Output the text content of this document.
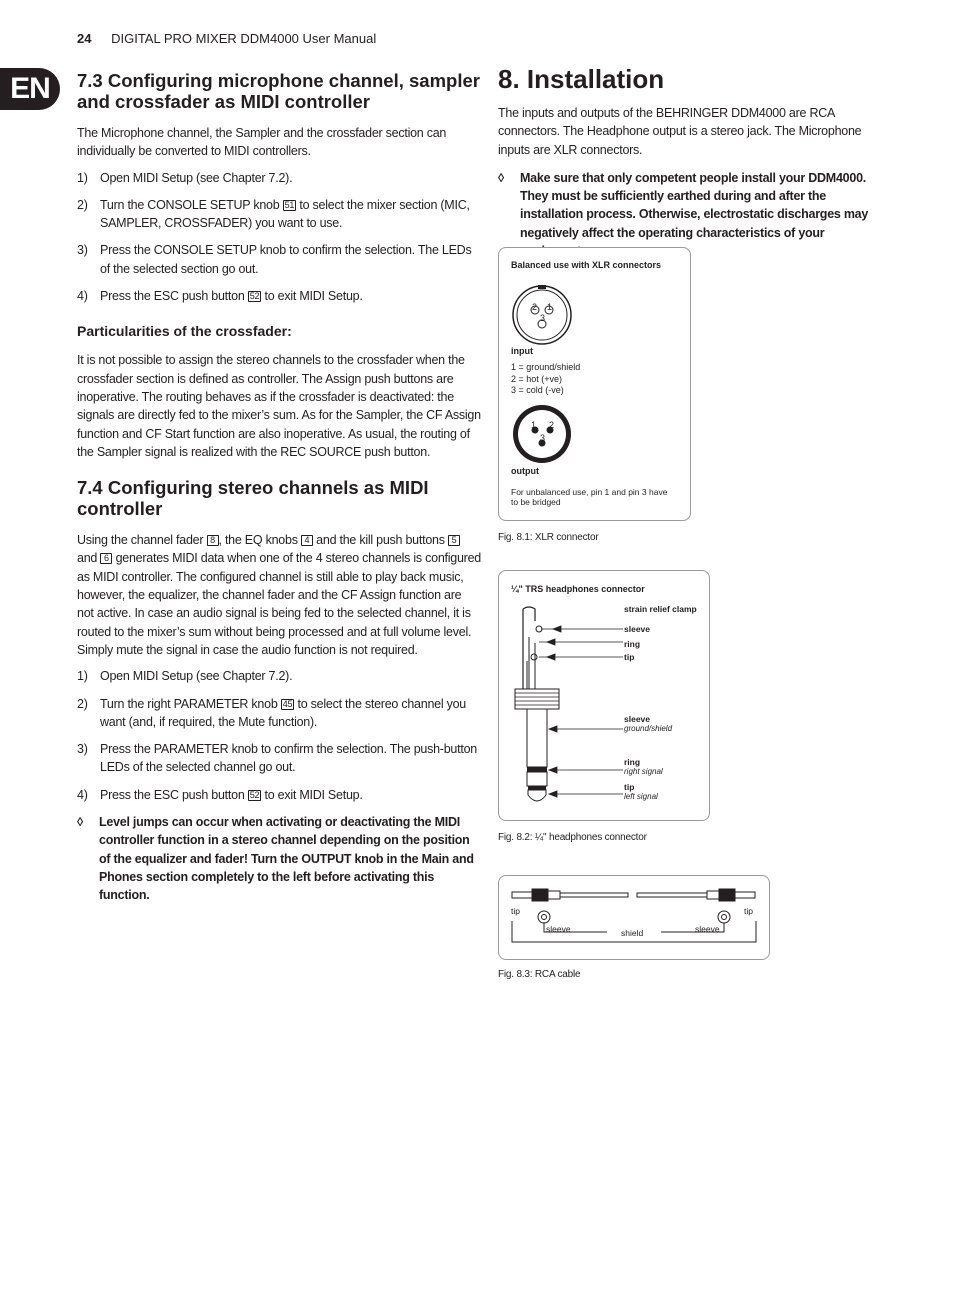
24 DIGITAL PRO MIXER DDM4000 User Manual
EN	7.3 Configuring microphone channel, sampler and crossfader as MIDI controller

The Microphone channel, the Sampler and the crossfader section can individually be converted to MIDI controllers.

1) Open MIDI Setup (see Chapter 7.2).
2) Turn the CONSOLE SETUP knob 51 to select the mixer section (MIC, SAMPLER, CROSSFADER) you want to use.
3) Press the CONSOLE SETUP knob to confirm the selection. The LEDs of the selected section go out.
4) Press the ESC push button 52 to exit MIDI Setup.
Particularities of the crossfader:

It is not possible to assign the stereo channels to the crossfader when the crossfader section is defined as controller. The Assign push buttons are inoperative. The routing behaves as if the crossfader is deactivated: the signals are directly fed to the mixer’s sum. As for the Sampler, the CF Assign function and CF Start function are also inoperative. As usual, the routing of the Sampler signal is realized with the REC SOURCE push button.

7.4 Configuring stereo channels as MIDI controller

Using the channel fader 8 , the EQ knobs 4 and the kill push buttons 5 and 6 generates MIDI data when one of the 4 stereo channels is configured as MIDI controller. The configured channel is still able to play back music, however, the equalizer, the channel fader and the CF Assign function are not active. In case an audio signal is being fed to the selected channel, it is routed to the mixer’s sum without being processed and at full volume level. Simply mute the signal in case the audio function is not required.

1) Open MIDI Setup (see Chapter 7.2).
2) Turn the right PARAMETER knob 45 to select the stereo channel you want (and, if required, the Mute function).
3) Press the PARAMETER knob to confirm the selection. The push-button LEDs of the selected channel go out.
4) Press the ESC push button 52 to exit MIDI Setup.
◊	Level jumps can occur when activating or deactivating the MIDI controller function in a stereo channel depending on the position of the equalizer and fader! Turn the OUTPUT knob in the Main and Phones section completely to the left before activating this function.
8. Installation

The inputs and outputs of the BEHRINGER DDM4000 are RCA connectors. The Headphone output is a stereo jack. The Microphone inputs are XLR connectors.

◊	Make sure that only competent people install your DDM4000. They must be sufficiently earthed during and after the installation process. Otherwise, electrostatic discharges may negatively affect the operating characteristics of your
Balanced use with XLR connectors
2 1
3
input
1 = ground/shield
2 = hot (+ve)
3 = cold (-ve)
1 2
3
output
For unbalanced use, pin 1 and pin 3 have to be bridged
Fig. 8.1: XLR connector
¼" TRS headphones connector
strain relief clamp
sleeve
ring
tip
sleeve
ground/shield
ring
right signal
tip
left signal
Fig. 8.2: ¼" headphones connector
tip	tip
sleeve	sleeve
shield
Fig. 8.3: RCA cable
